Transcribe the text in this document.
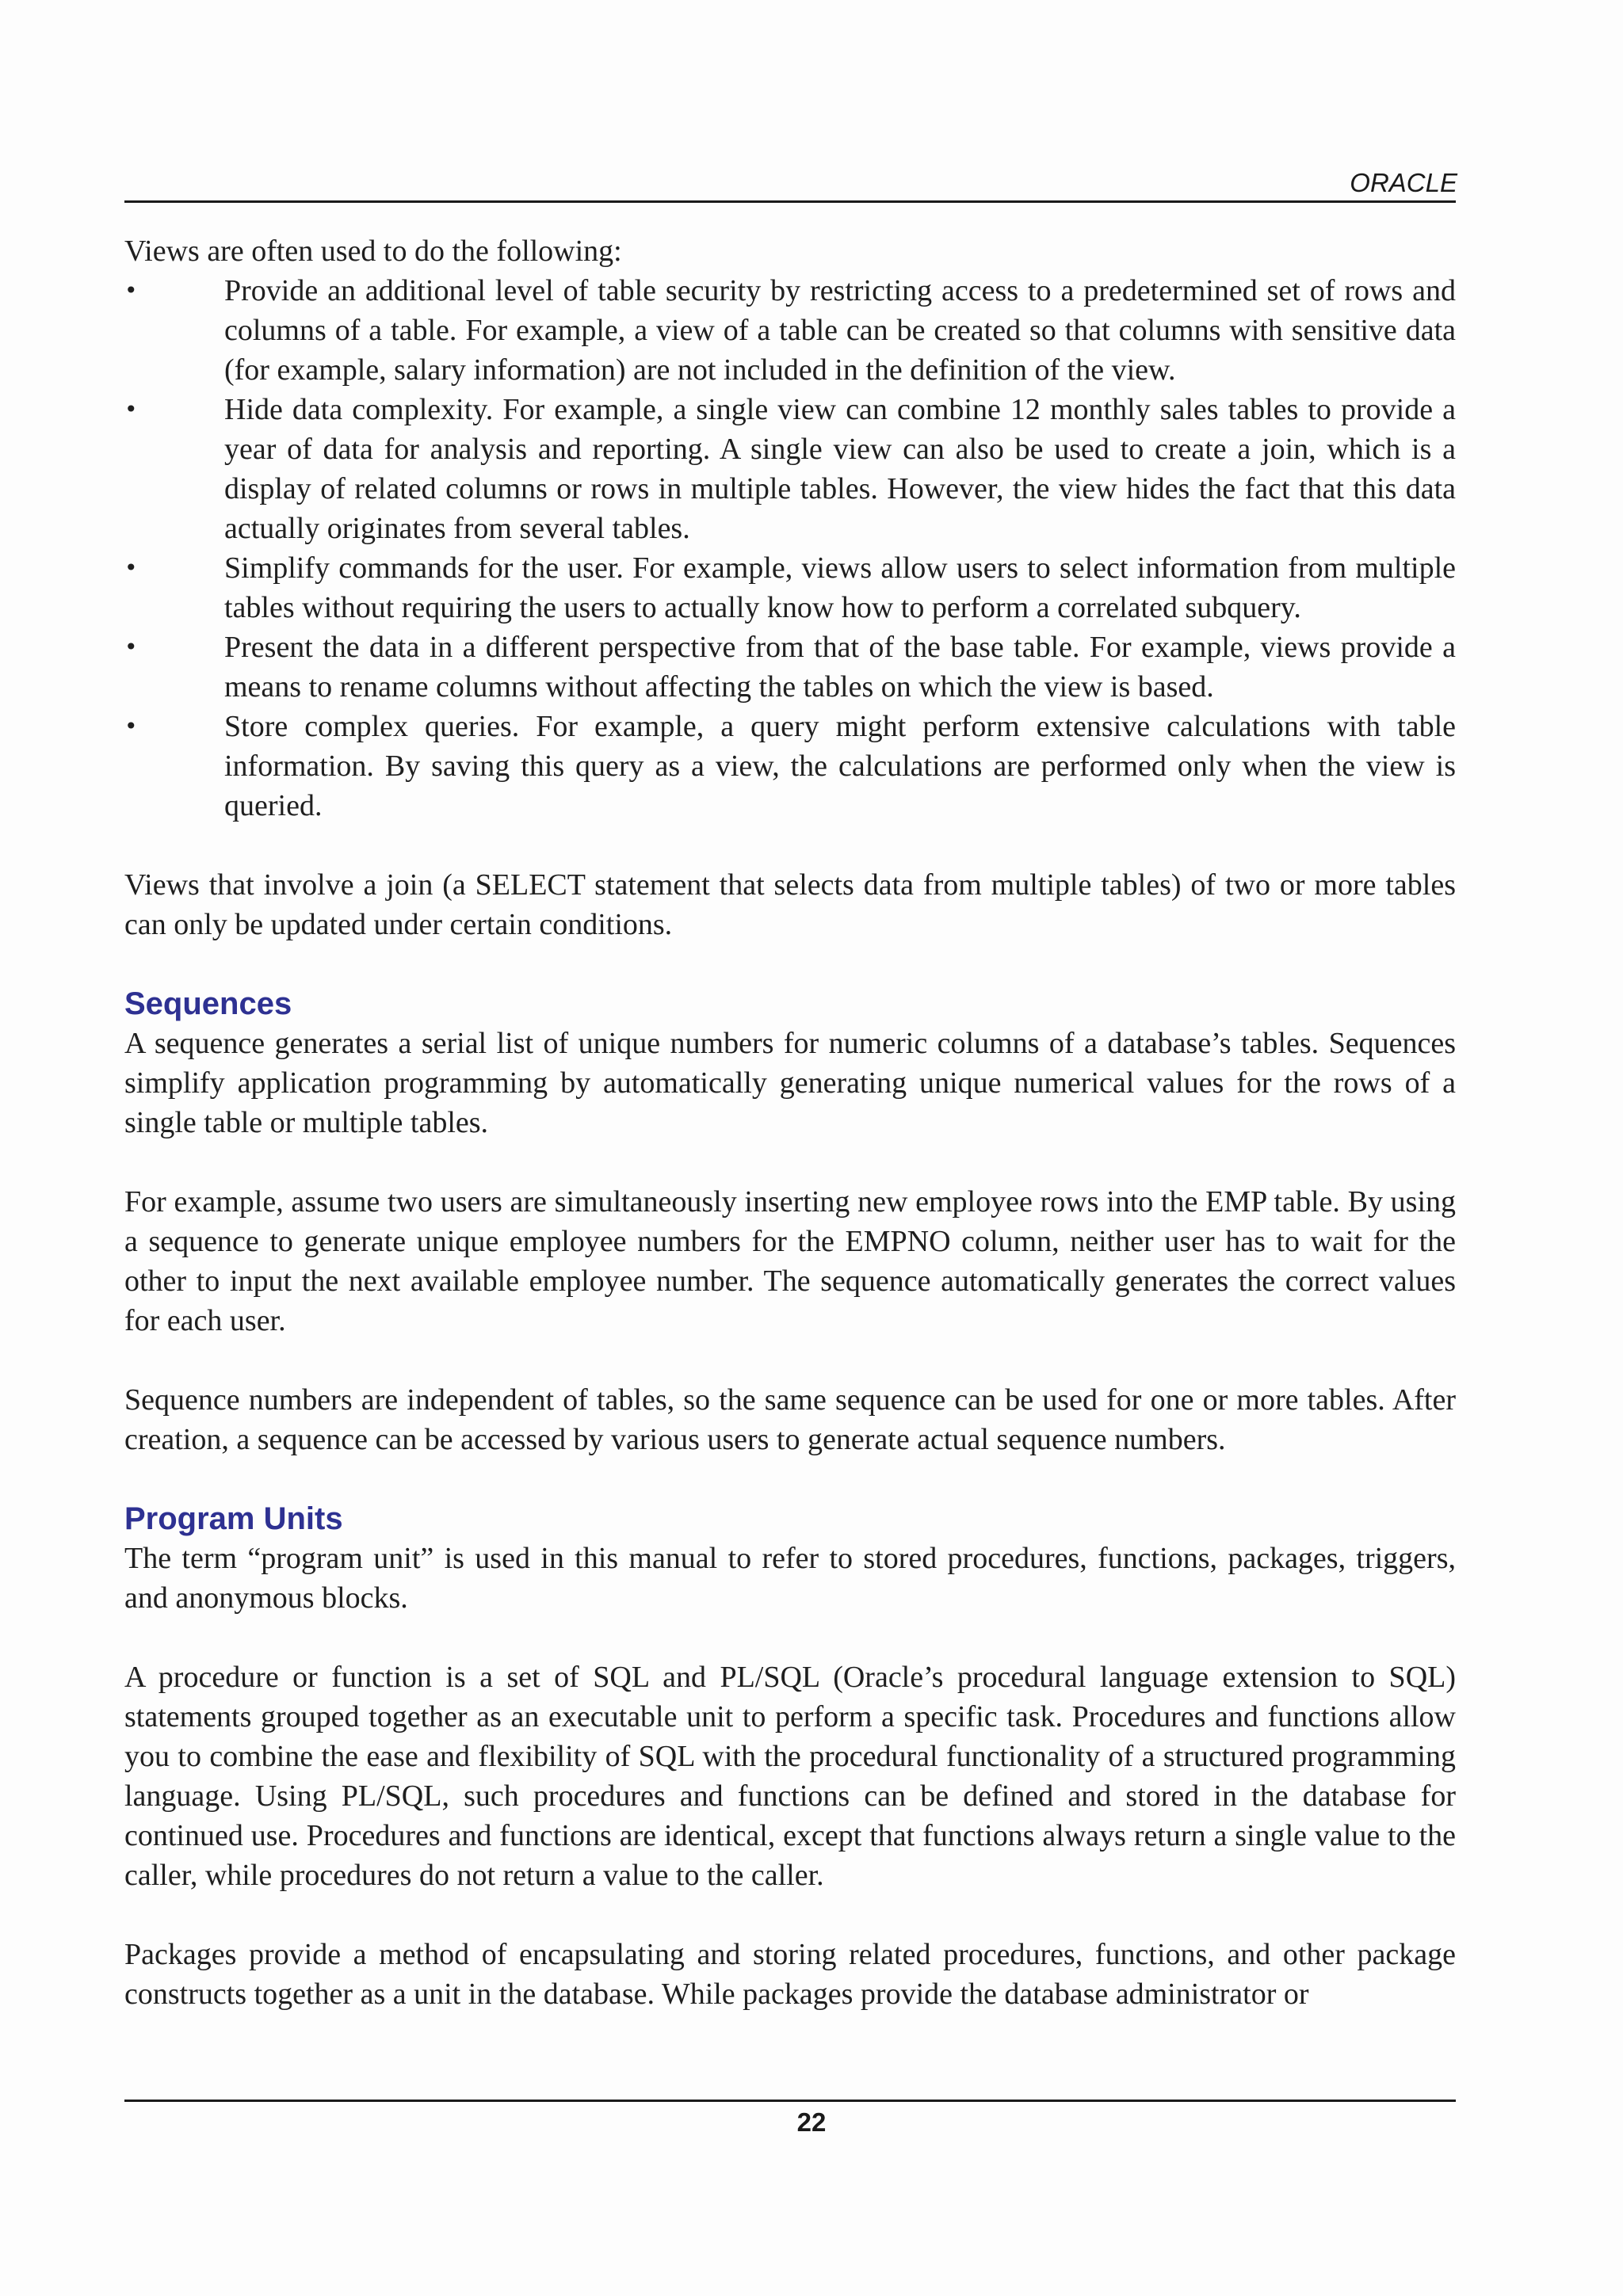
ORACLE

Views are often used to do the following:

•	Provide an additional level of table security by restricting access to a predetermined set of rows and columns of a table. For example, a view of a table can be created so that columns with sensitive data (for example, salary information) are not included in the definition of the view.
•	Hide data complexity. For example, a single view can combine 12 monthly sales tables to provide a year of data for analysis and reporting. A single view can also be used to create a join, which is a display of related columns or rows in multiple tables. However, the view hides the fact that this data actually originates from several tables.
•	Simplify commands for the user. For example, views allow users to select information from multiple tables without requiring the users to actually know how to perform a correlated subquery.
•	Present the data in a different perspective from that of the base table. For example, views provide a means to rename columns without affecting the tables on which the view is based.
•	Store complex queries. For example, a query might perform extensive calculations with table information. By saving this query as a view, the calculations are performed only when the view is queried.

Views that involve a join (a SELECT statement that selects data from multiple tables) of two or more tables can only be updated under certain conditions.

Sequences

A sequence generates a serial list of unique numbers for numeric columns of a database’s tables. Sequences simplify application programming by automatically generating unique numerical values for the rows of a single table or multiple tables.

For example, assume two users are simultaneously inserting new employee rows into the EMP table. By using a sequence to generate unique employee numbers for the EMPNO column, neither user has to wait for the other to input the next available employee number. The sequence automatically generates the correct values for each user.

Sequence numbers are independent of tables, so the same sequence can be used for one or more tables. After creation, a sequence can be accessed by various users to generate actual sequence numbers.

Program Units

The term “program unit” is used in this manual to refer to stored procedures, functions, packages, triggers, and anonymous blocks.

A procedure or function is a set of SQL and PL/SQL (Oracle’s procedural language extension to SQL) statements grouped together as an executable unit to perform a specific task. Procedures and functions allow you to combine the ease and flexibility of SQL with the procedural functionality of a structured programming language. Using PL/SQL, such procedures and functions can be defined and stored in the database for continued use. Procedures and functions are identical, except that functions always return a single value to the caller, while procedures do not return a value to the caller.

Packages provide a method of encapsulating and storing related procedures, functions, and other package constructs together as a unit in the database. While packages provide the database administrator or

22
